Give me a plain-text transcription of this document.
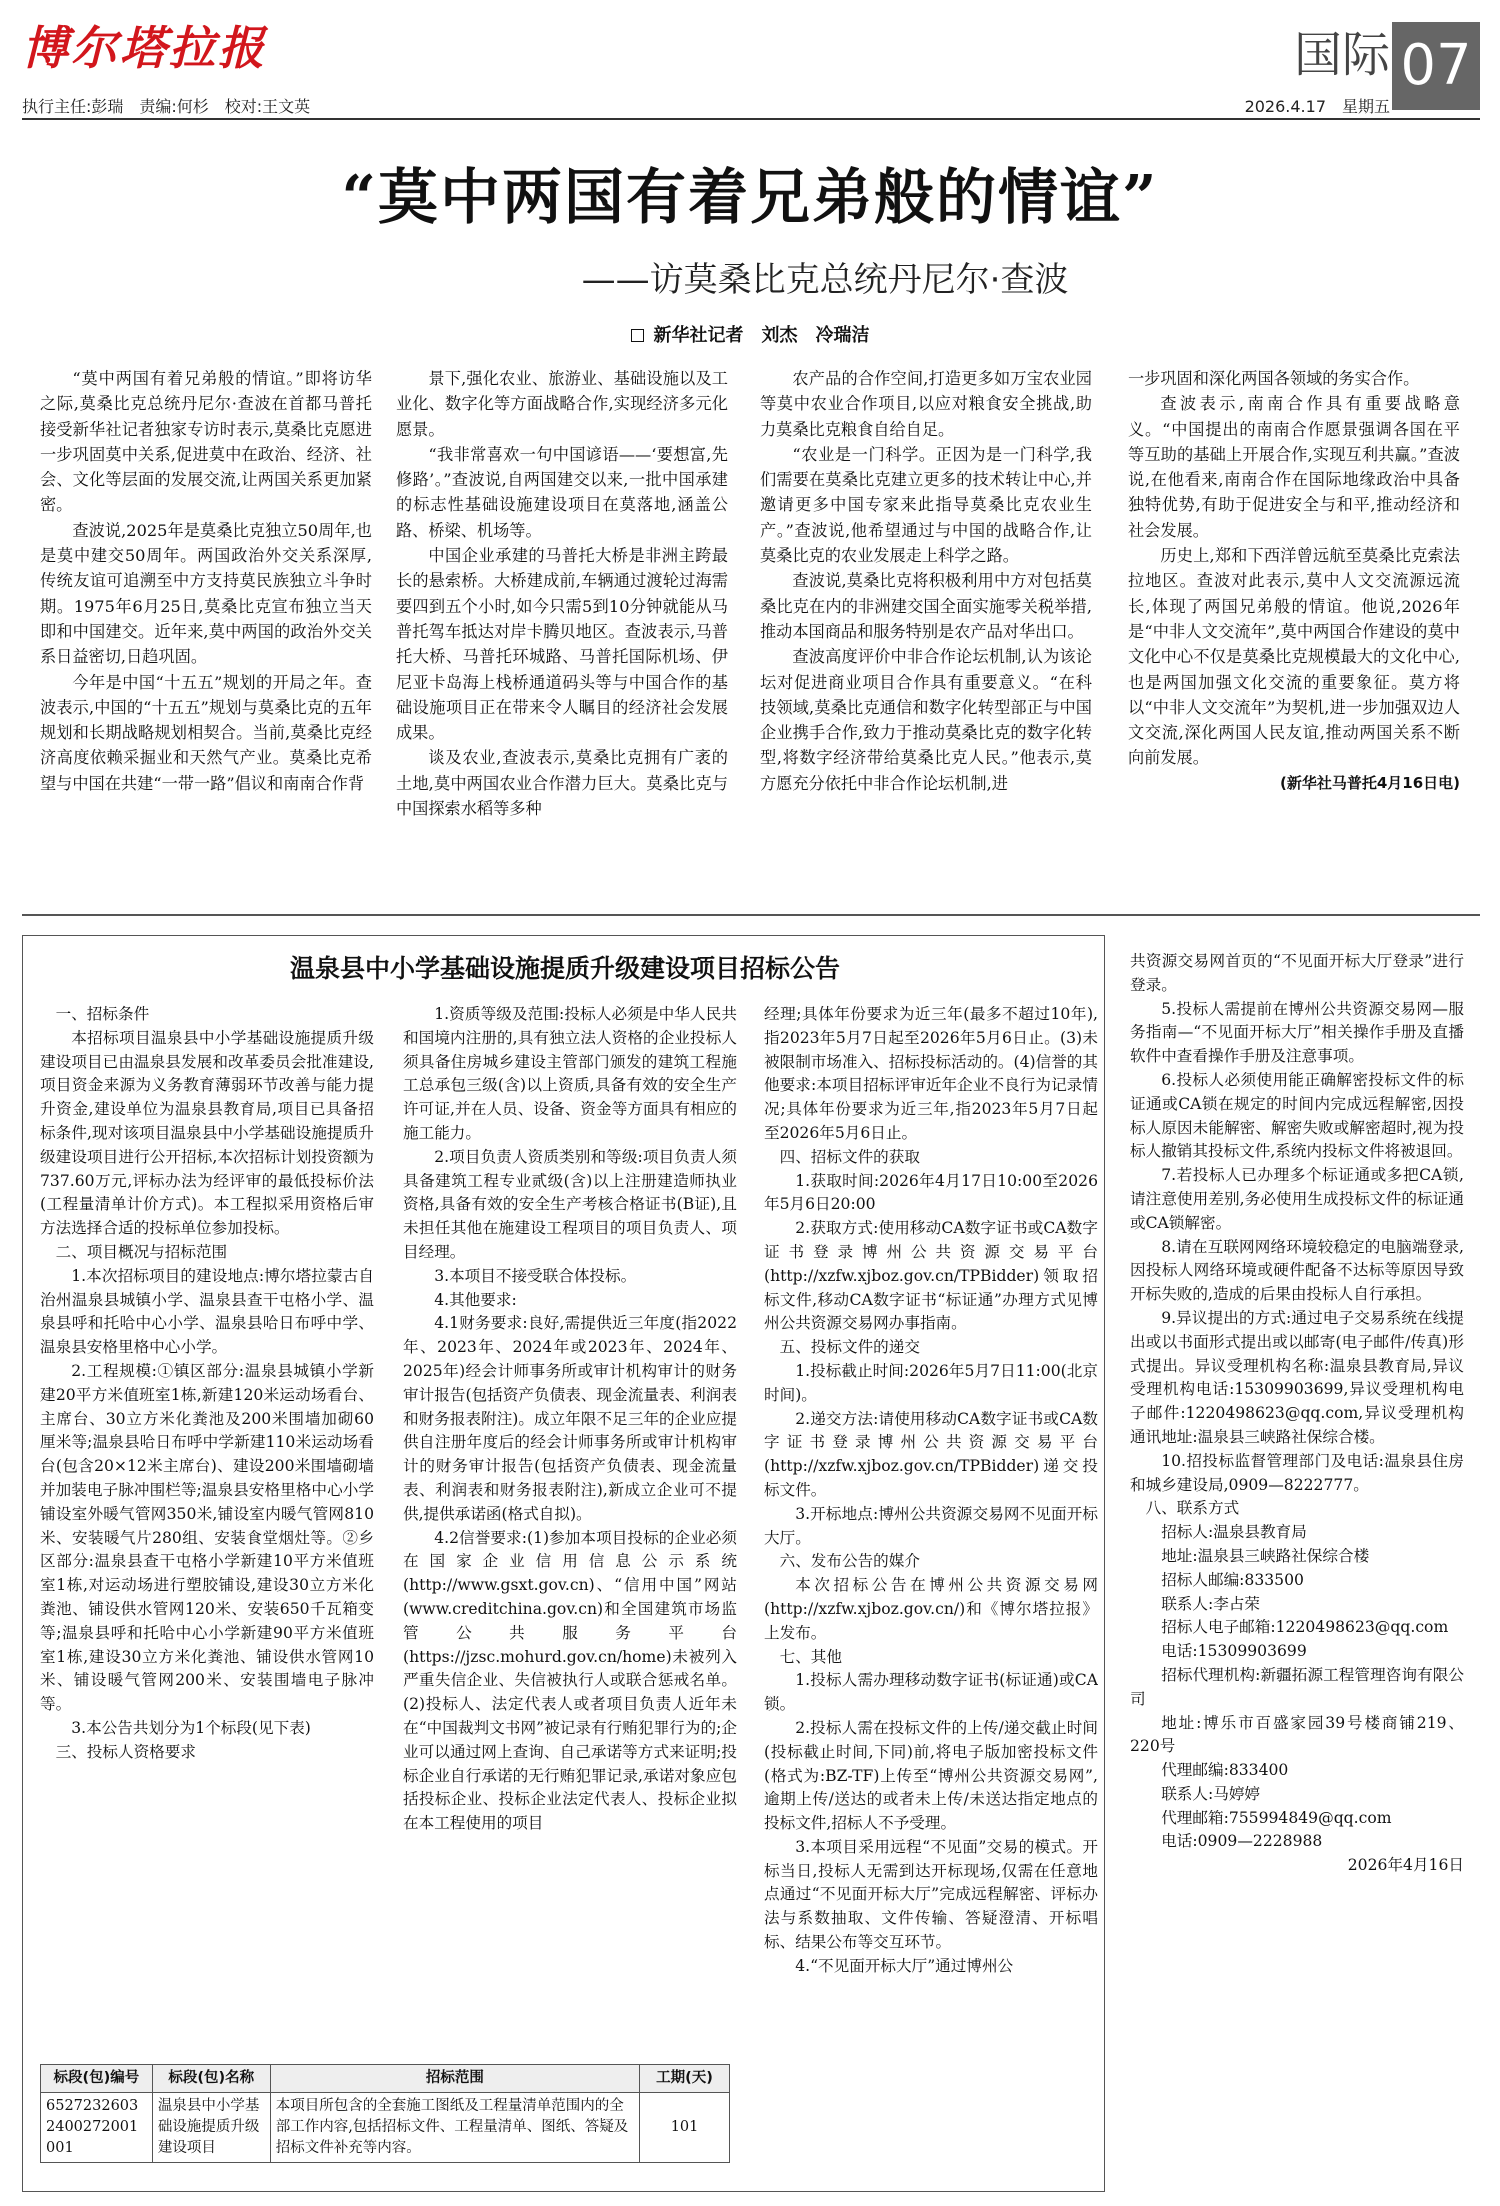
博尔塔拉报	国际 07
执行主任:彭瑞　责编:何杉　校对:王文英	2026.4.17　星期五
“莫中两国有着兄弟般的情谊”
——访莫桑比克总统丹尼尔·查波
新华社记者　刘杰　冷瑞洁

“莫中两国有着兄弟般的情谊。”即将访华之际,莫桑比克总统丹尼尔·查波在首都马普托接受新华社记者独家专访时表示,莫桑比克愿进一步巩固莫中关系,促进莫中在政治、经济、社会、文化等层面的发展交流,让两国关系更加紧密。

查波说,2025年是莫桑比克独立50周年,也是莫中建交50周年。两国政治外交关系深厚,传统友谊可追溯至中方支持莫民族独立斗争时期。1975年6月25日,莫桑比克宣布独立当天即和中国建交。近年来,莫中两国的政治外交关系日益密切,日趋巩固。

今年是中国“十五五”规划的开局之年。查波表示,中国的“十五五”规划与莫桑比克的五年规划和长期战略规划相契合。当前,莫桑比克经济高度依赖采掘业和天然气产业。莫桑比克希望与中国在共建“一带一路”倡议和南南合作背

景下,强化农业、旅游业、基础设施以及工业化、数字化等方面战略合作,实现经济多元化愿景。

“我非常喜欢一句中国谚语——‘要想富,先修路’。”查波说,自两国建交以来,一批中国承建的标志性基础设施建设项目在莫落地,涵盖公路、桥梁、机场等。

中国企业承建的马普托大桥是非洲主跨最长的悬索桥。大桥建成前,车辆通过渡轮过海需要四到五个小时,如今只需5到10分钟就能从马普托驾车抵达对岸卡腾贝地区。查波表示,马普托大桥、马普托环城路、马普托国际机场、伊尼亚卡岛海上栈桥通道码头等与中国合作的基础设施项目正在带来令人瞩目的经济社会发展成果。

谈及农业,查波表示,莫桑比克拥有广袤的土地,莫中两国农业合作潜力巨大。莫桑比克与中国探索水稻等多种

农产品的合作空间,打造更多如万宝农业园等莫中农业合作项目,以应对粮食安全挑战,助力莫桑比克粮食自给自足。

“农业是一门科学。正因为是一门科学,我们需要在莫桑比克建立更多的技术转让中心,并邀请更多中国专家来此指导莫桑比克农业生产。”查波说,他希望通过与中国的战略合作,让莫桑比克的农业发展走上科学之路。

查波说,莫桑比克将积极利用中方对包括莫桑比克在内的非洲建交国全面实施零关税举措,推动本国商品和服务特别是农产品对华出口。

查波高度评价中非合作论坛机制,认为该论坛对促进商业项目合作具有重要意义。“在科技领域,莫桑比克通信和数字化转型部正与中国企业携手合作,致力于推动莫桑比克的数字化转型,将数字经济带给莫桑比克人民。”他表示,莫方愿充分依托中非合作论坛机制,进

一步巩固和深化两国各领域的务实合作。

查波表示,南南合作具有重要战略意义。“中国提出的南南合作愿景强调各国在平等互助的基础上开展合作,实现互利共赢。”查波说,在他看来,南南合作在国际地缘政治中具备独特优势,有助于促进安全与和平,推动经济和社会发展。

历史上,郑和下西洋曾远航至莫桑比克索法拉地区。查波对此表示,莫中人文交流源远流长,体现了两国兄弟般的情谊。他说,2026年是“中非人文交流年”,莫中两国合作建设的莫中文化中心不仅是莫桑比克规模最大的文化中心,也是两国加强文化交流的重要象征。莫方将以“中非人文交流年”为契机,进一步加强双边人文交流,深化两国人民友谊,推动两国关系不断向前发展。

(新华社马普托4月16日电)

温泉县中小学基础设施提质升级建设项目招标公告

一、招标条件

本招标项目温泉县中小学基础设施提质升级建设项目已由温泉县发展和改革委员会批准建设,项目资金来源为义务教育薄弱环节改善与能力提升资金,建设单位为温泉县教育局,项目已具备招标条件,现对该项目温泉县中小学基础设施提质升级建设项目进行公开招标,本次招标计划投资额为737.60万元,评标办法为经评审的最低投标价法(工程量清单计价方式)。本工程拟采用资格后审方法选择合适的投标单位参加投标。

二、项目概况与招标范围

1.本次招标项目的建设地点:博尔塔拉蒙古自治州温泉县城镇小学、温泉县查干屯格小学、温泉县呼和托哈中心小学、温泉县哈日布呼中学、温泉县安格里格中心小学。

2.工程规模:①镇区部分:温泉县城镇小学新建20平方米值班室1栋,新建120米运动场看台、主席台、30立方米化粪池及200米围墙加砌60厘米等;温泉县哈日布呼中学新建110米运动场看台(包含20×12米主席台)、建设200米围墙砌墙并加装电子脉冲围栏等;温泉县安格里格中心小学铺设室外暖气管网350米,铺设室内暖气管网810米、安装暖气片280组、安装食堂烟灶等。②乡区部分:温泉县查干屯格小学新建10平方米值班室1栋,对运动场进行塑胶铺设,建设30立方米化粪池、铺设供水管网120米、安装650千瓦箱变等;温泉县呼和托哈中心小学新建90平方米值班室1栋,建设30立方米化粪池、铺设供水管网10米、铺设暖气管网200米、安装围墙电子脉冲等。

3.本公告共划分为1个标段(见下表)

三、投标人资格要求

1.资质等级及范围:投标人必须是中华人民共和国境内注册的,具有独立法人资格的企业投标人须具备住房城乡建设主管部门颁发的建筑工程施工总承包三级(含)以上资质,具备有效的安全生产许可证,并在人员、设备、资金等方面具有相应的施工能力。

2.项目负责人资质类别和等级:项目负责人须具备建筑工程专业贰级(含)以上注册建造师执业资格,具备有效的安全生产考核合格证书(B证),且未担任其他在施建设工程项目的项目负责人、项目经理。

3.本项目不接受联合体投标。

4.其他要求:

4.1财务要求:良好,需提供近三年度(指2022年、2023年、2024年或2023年、2024年、2025年)经会计师事务所或审计机构审计的财务审计报告(包括资产负债表、现金流量表、利润表和财务报表附注)。成立年限不足三年的企业应提供自注册年度后的经会计师事务所或审计机构审计的财务审计报告(包括资产负债表、现金流量表、利润表和财务报表附注),新成立企业可不提供,提供承诺函(格式自拟)。

4.2信誉要求:(1)参加本项目投标的企业必须在国家企业信用信息公示系统(http://www.gsxt.gov.cn)、“信用中国”网站(www.creditchina.gov.cn)和全国建筑市场监管公共服务平台(https://jzsc.mohurd.gov.cn/home)未被列入严重失信企业、失信被执行人或联合惩戒名单。(2)投标人、法定代表人或者项目负责人近年未在“中国裁判文书网”被记录有行贿犯罪行为的;企业可以通过网上查询、自己承诺等方式来证明;投标企业自行承诺的无行贿犯罪记录,承诺对象应包括投标企业、投标企业法定代表人、投标企业拟在本工程使用的项目

经理;具体年份要求为近三年(最多不超过10年),指2023年5月7日起至2026年5月6日止。(3)未被限制市场准入、招标投标活动的。(4)信誉的其他要求:本项目招标评审近年企业不良行为记录情况;具体年份要求为近三年,指2023年5月7日起至2026年5月6日止。

四、招标文件的获取

1.获取时间:2026年4月17日10:00至2026年5月6日20:00

2.获取方式:使用移动CA数字证书或CA数字证书登录博州公共资源交易平台(http://xzfw.xjboz.gov.cn/TPBidder)领取招标文件,移动CA数字证书“标证通”办理方式见博州公共资源交易网办事指南。

五、投标文件的递交

1.投标截止时间:2026年5月7日11:00(北京时间)。

2.递交方法:请使用移动CA数字证书或CA数字证书登录博州公共资源交易平台(http://xzfw.xjboz.gov.cn/TPBidder)递交投标文件。

3.开标地点:博州公共资源交易网不见面开标大厅。

六、发布公告的媒介

本次招标公告在博州公共资源交易网(http://xzfw.xjboz.gov.cn/)和《博尔塔拉报》上发布。

七、其他

1.投标人需办理移动数字证书(标证通)或CA锁。

2.投标人需在投标文件的上传/递交截止时间(投标截止时间,下同)前,将电子版加密投标文件(格式为:BZ-TF)上传至“博州公共资源交易网”,逾期上传/送达的或者未上传/未送达指定地点的投标文件,招标人不予受理。

3.本项目采用远程“不见面”交易的模式。开标当日,投标人无需到达开标现场,仅需在任意地点通过“不见面开标大厅”完成远程解密、评标办法与系数抽取、文件传输、答疑澄清、开标唱标、结果公布等交互环节。

4.“不见面开标大厅”通过博州公

共资源交易网首页的“不见面开标大厅登录”进行登录。

5.投标人需提前在博州公共资源交易网—服务指南—“不见面开标大厅”相关操作手册及直播软件中查看操作手册及注意事项。

6.投标人必须使用能正确解密投标文件的标证通或CA锁在规定的时间内完成远程解密,因投标人原因未能解密、解密失败或解密超时,视为投标人撤销其投标文件,系统内投标文件将被退回。

7.若投标人已办理多个标证通或多把CA锁,请注意使用差别,务必使用生成投标文件的标证通或CA锁解密。

8.请在互联网网络环境较稳定的电脑端登录,因投标人网络环境或硬件配备不达标等原因导致开标失败的,造成的后果由投标人自行承担。

9.异议提出的方式:通过电子交易系统在线提出或以书面形式提出或以邮寄(电子邮件/传真)形式提出。异议受理机构名称:温泉县教育局,异议受理机构电话:15309903699,异议受理机构电子邮件:1220498623@qq.com,异议受理机构通讯地址:温泉县三峡路社保综合楼。

10.招投标监督管理部门及电话:温泉县住房和城乡建设局,0909—8222777。

八、联系方式

招标人:温泉县教育局

地址:温泉县三峡路社保综合楼

招标人邮编:833500

联系人:李占荣

招标人电子邮箱:1220498623@qq.com

电话:15309903699

招标代理机构:新疆拓源工程管理咨询有限公司

地址:博乐市百盛家园39号楼商铺219、220号

代理邮编:833400

联系人:马婷婷

代理邮箱:755994849@qq.com

电话:0909—2228988

2026年4月16日

标段(包)编号	标段(包)名称	招标范围	工期(天)
65272326032400272001001	温泉县中小学基础设施提质升级建设项目	本项目所包含的全套施工图纸及工程量清单范围内的全部工作内容,包括招标文件、工程量清单、图纸、答疑及招标文件补充等内容。	101
